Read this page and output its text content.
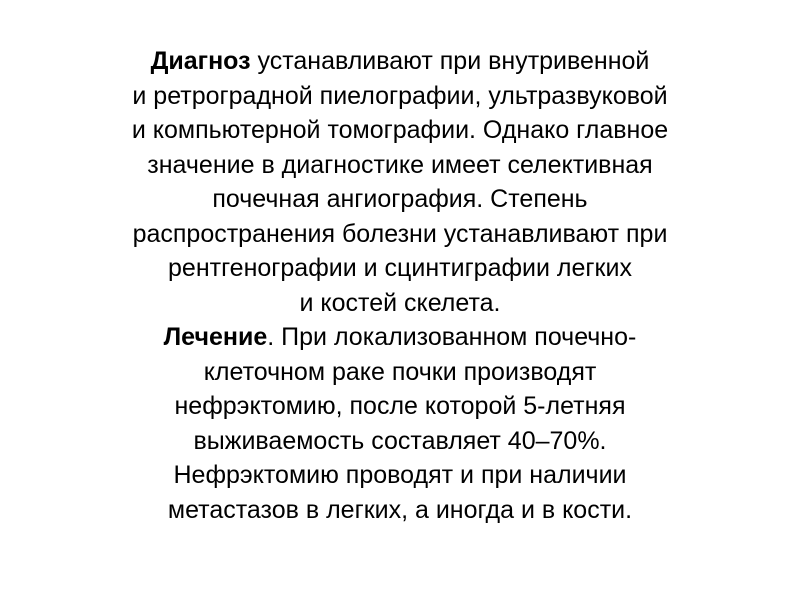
Диагноз устанавливают при внутривенной
и ретроградной пиелографии, ультразвуковой
и компьютерной томографии. Однако главное
значение в диагностике имеет селективная
почечная ангиография. Степень
распространения болезни устанавливают при
рентгенографии и сцинтиграфии легких
и костей скелета.
Лечение. При локализованном почечно-
клеточном раке почки производят
нефрэктомию, после которой 5-летняя
выживаемость составляет 40–70%.
Нефрэктомию проводят и при наличии
метастазов в легких, а иногда и в кости.
